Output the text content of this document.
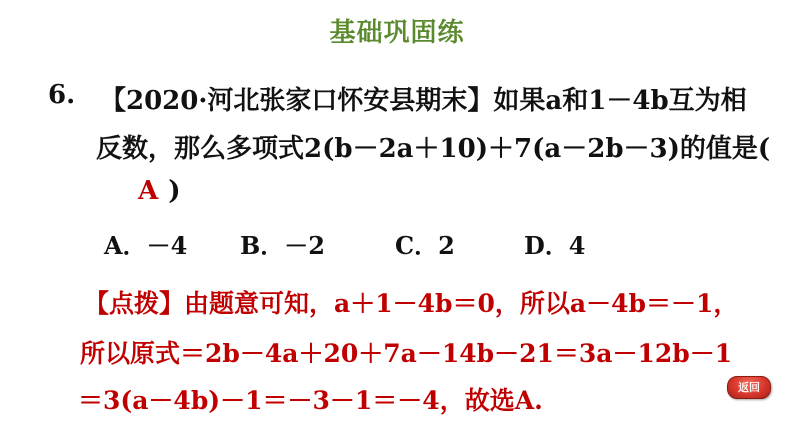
基础巩固练
6. 【2020·河北张家口怀安县期末】如果a和1－4b互为相
反数，那么多项式2(b－2a＋10)＋7(a－2b－3)的值是(
A )
A．－4 B．－2	C．2	D．4
【点拨】由题意可知，a＋1－4b＝0，所以a－4b＝－1，
所以原式＝2b－4a＋20＋7a－14b－21＝3a－12b－1
＝3(a－4b)－1＝－3－1＝－4，故选A.	返回
